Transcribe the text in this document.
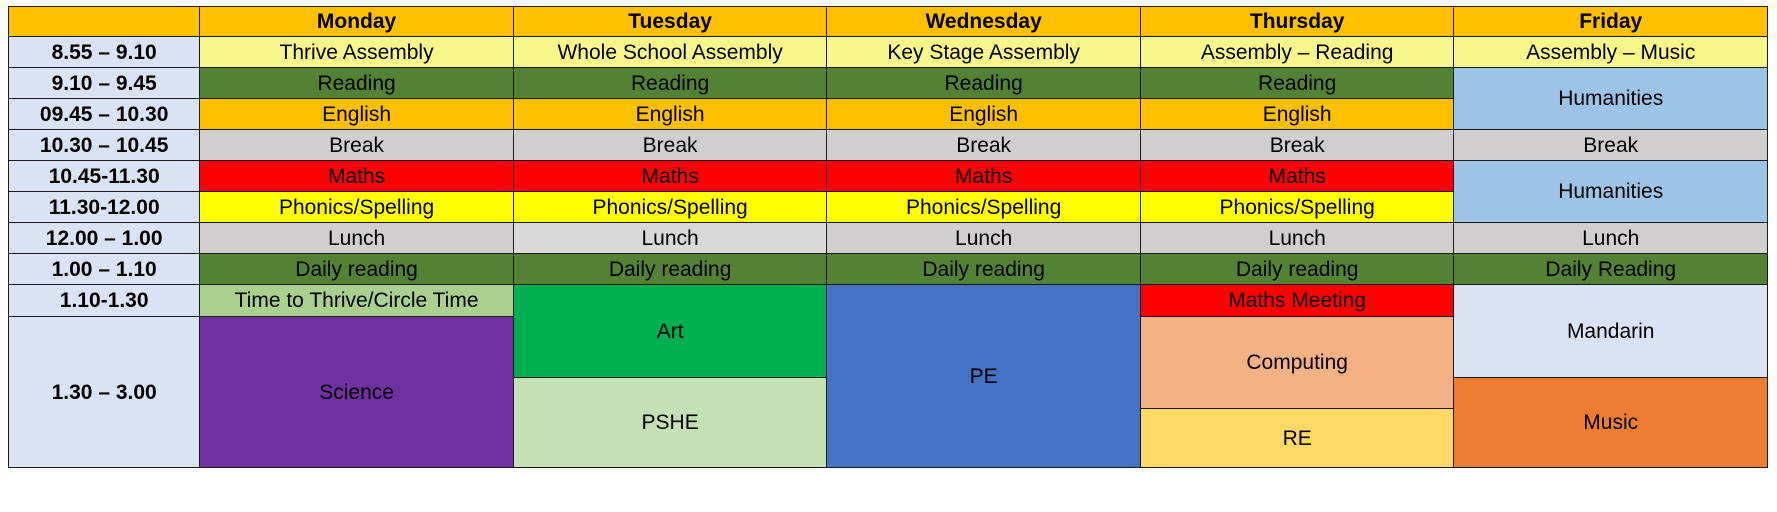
	Monday	Tuesday	Wednesday	Thursday	Friday
8.55 – 9.10	Thrive Assembly	Whole School Assembly	Key Stage Assembly	Assembly – Reading	Assembly – Music
9.10 – 9.45	Reading	Reading	Reading	Reading	Humanities
09.45 – 10.30	English	English	English	English	
10.30 – 10.45	Break	Break	Break	Break	Break
10.45-11.30	Maths	Maths	Maths	Maths	Humanities
11.30-12.00	Phonics/Spelling	Phonics/Spelling	Phonics/Spelling	Phonics/Spelling	
12.00 – 1.00	Lunch	Lunch	Lunch	Lunch	Lunch
1.00 – 1.10	Daily reading	Daily reading	Daily reading	Daily reading	Daily Reading
1.10-1.30	Time to Thrive/Circle Time	Art	PE	Maths Meeting	Mandarin
1.30 – 3.00	Science			Computing	
		PSHE			Music
				RE	
